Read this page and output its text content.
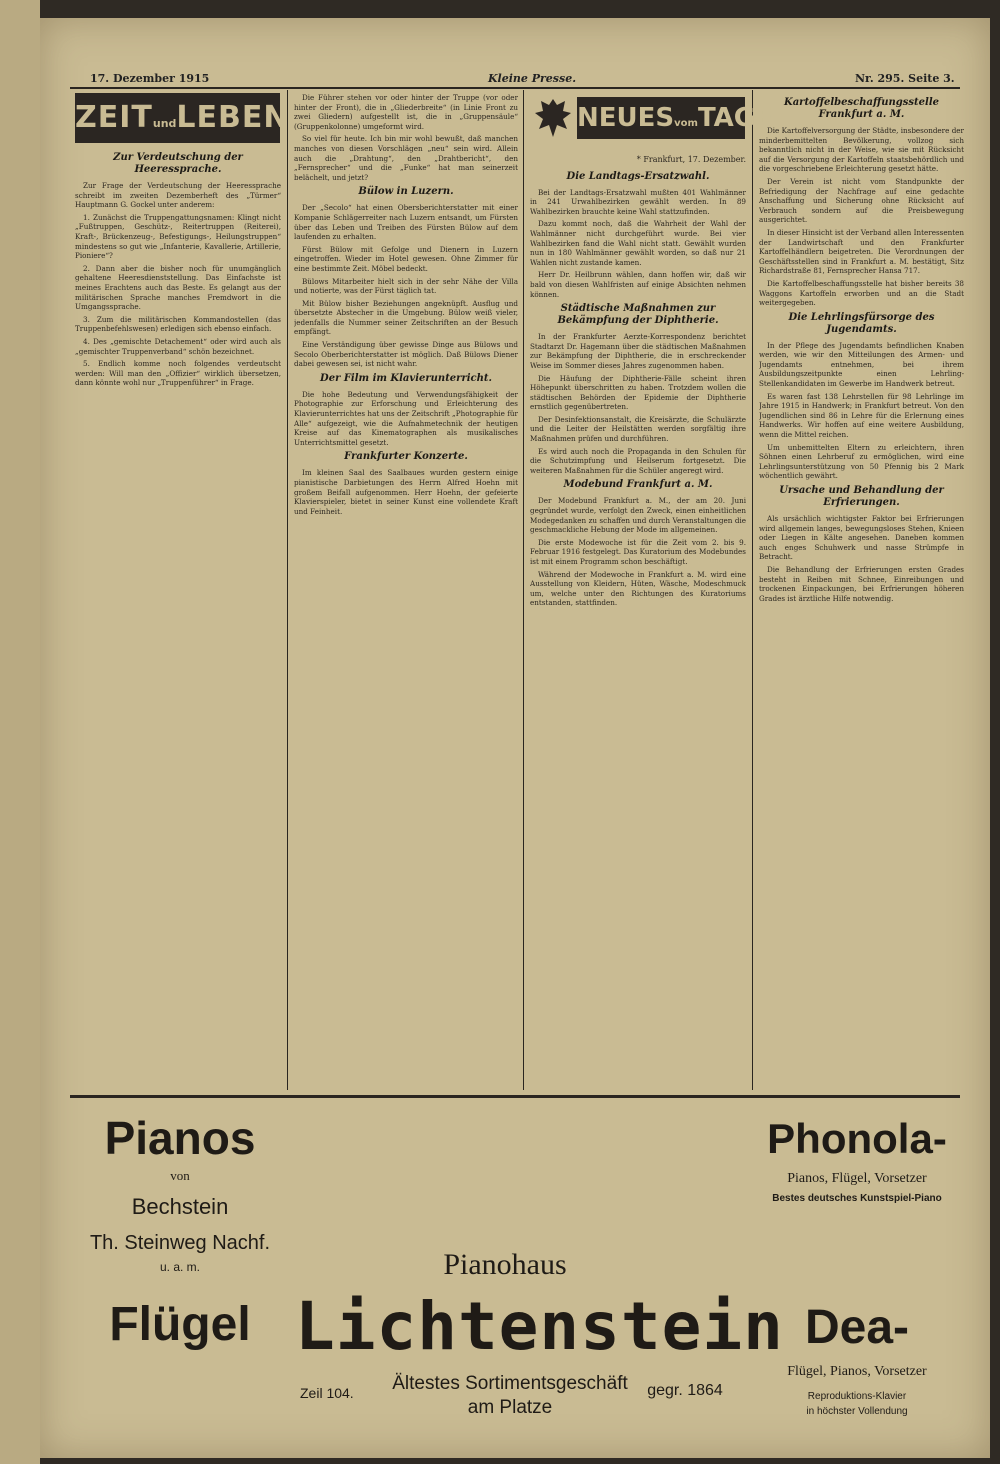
17. Dezember 1915	Kleine Presse.	Nr. 295. Seite 3.
ZEITundLEBEN
Zur Verdeutschung der Heeressprache.

Zur Frage der Verdeutschung der Heeressprache schreibt im zweiten Dezemberheft des „Türmer“ Hauptmann G. Gockel unter anderem:

1. Zunächst die Truppengattungsnamen: Klingt nicht „Fußtruppen, Geschütz-, Reitertruppen (Reiterei), Kraft-, Brückenzeug-, Befestigungs-, Heilungstruppen“ mindestens so gut wie „Infanterie, Kavallerie, Artillerie, Pioniere“?

2. Dann aber die bisher noch für unumgänglich gehaltene Heeresdienststellung. Das Einfachste ist meines Erachtens auch das Beste. Es gelangt aus der militärischen Sprache manches Fremdwort in die Umgangssprache.

3. Zum die militärischen Kommandostellen (das Truppenbefehlswesen) erledigen sich ebenso einfach.

4. Des „gemischte Detachement“ oder wird auch als „gemischter Truppenverband“ schön bezeichnet.

5. Endlich komme noch folgendes verdeutscht werden: Will man den „Offizier“ wirklich übersetzen, dann könnte wohl nur „Truppenführer“ in Frage.

Die Führer stehen vor oder hinter der Truppe (vor oder hinter der Front), die in „Gliederbreite“ (in Linie Front zu zwei Gliedern) aufgestellt ist, die in „Gruppensäule“ (Gruppenkolonne) umgeformt wird.

So viel für heute. Ich bin mir wohl bewußt, daß manchen manches von diesen Vorschlägen „neu“ sein wird. Allein auch die „Drahtung“, den „Drahtbericht“, den „Fernsprecher“ und die „Funke“ hat man seinerzeit belächelt, und jetzt?

Bülow in Luzern.

Der „Secolo“ hat einen Obersberichterstatter mit einer Kompanie Schlägerreiter nach Luzern entsandt, um Fürsten über das Leben und Treiben des Fürsten Bülow auf dem laufenden zu erhalten.

Fürst Bülow mit Gefolge und Dienern in Luzern eingetroffen. Wieder im Hotel gewesen. Ohne Zimmer für eine bestimmte Zeit. Möbel bedeckt.

Bülows Mitarbeiter hielt sich in der sehr Nähe der Villa und notierte, was der Fürst täglich tat.

Mit Bülow bisher Beziehungen angeknüpft. Ausflug und übersetzte Abstecher in die Umgebung. Bülow weiß vieler, jedenfalls die Nummer seiner Zeitschriften an der Besuch empfängt.

Eine Verständigung über gewisse Dinge aus Bülows und Secolo Oberberichterstatter ist möglich. Daß Bülows Diener dabei gewesen sei, ist nicht wahr.

Der Film im Klavierunterricht.

Die hohe Bedeutung und Verwendungsfähigkeit der Photographie zur Erforschung und Erleichterung des Klavierunterrichtes hat uns der Zeitschrift „Photographie für Alle“ aufgezeigt, wie die Aufnahmetechnik der heutigen Kreise auf das Kinematographen als musikalisches Unterrichtsmittel gesetzt.

Frankfurter Konzerte.

Im kleinen Saal des Saalbaues wurden gestern einige pianistische Darbietungen des Herrn Alfred Hoehn mit großem Beifall aufgenommen. Herr Hoehn, der gefeierte Klavierspieler, bietet in seiner Kunst eine vollendete Kraft und Feinheit.

NEUESvomTAGE
* Frankfurt, 17. Dezember.
Die Landtags-Ersatzwahl.

Bei der Landtags-Ersatzwahl mußten 401 Wahlmänner in 241 Urwahlbezirken gewählt werden. In 89 Wahlbezirken brauchte keine Wahl stattzufinden.

Dazu kommt noch, daß die Wahrheit der Wahl der Wahlmänner nicht durchgeführt wurde. Bei vier Wahlbezirken fand die Wahl nicht statt. Gewählt wurden nun in 180 Wahlmänner gewählt worden, so daß nur 21 Wahlen nicht zustande kamen.

Herr Dr. Heilbrunn wählen, dann hoffen wir, daß wir bald von diesen Wahlfristen auf einige Absichten nehmen können.

Städtische Maßnahmen zur Bekämpfung der Diphtherie.

In der Frankfurter Aerzte-Korrespondenz berichtet Stadtarzt Dr. Hagemann über die städtischen Maßnahmen zur Bekämpfung der Diphtherie, die in erschreckender Weise im Sommer dieses Jahres zugenommen haben.

Die Häufung der Diphtherie-Fälle scheint ihren Höhepunkt überschritten zu haben. Trotzdem wollen die städtischen Behörden der Epidemie der Diphtherie ernstlich gegenübertreten.

Der Desinfektionsanstalt, die Kreisärzte, die Schulärzte und die Leiter der Heilstätten werden sorgfältig ihre Maßnahmen prüfen und durchführen.

Es wird auch noch die Propaganda in den Schulen für die Schutzimpfung und Heilserum fortgesetzt. Die weiteren Maßnahmen für die Schüler angeregt wird.

Modebund Frankfurt a. M.

Der Modebund Frankfurt a. M., der am 20. Juni gegründet wurde, verfolgt den Zweck, einen einheitlichen Modegedanken zu schaffen und durch Veranstaltungen die geschmackliche Hebung der Mode im allgemeinen.

Die erste Modewoche ist für die Zeit vom 2. bis 9. Februar 1916 festgelegt. Das Kuratorium des Modebundes ist mit einem Programm schon beschäftigt.

Während der Modewoche in Frankfurt a. M. wird eine Ausstellung von Kleidern, Hüten, Wäsche, Modeschmuck um, welche unter den Richtungen des Kuratoriums entstanden, stattfinden.

Kartoffelbeschaffungsstelle Frankfurt a. M.

Die Kartoffelversorgung der Städte, insbesondere der minderbemittelten Bevölkerung, vollzog sich bekanntlich nicht in der Weise, wie sie mit Rücksicht auf die Versorgung der Kartoffeln staatsbehördlich und die vorgeschriebene Erleichterung gesetzt hätte.

Der Verein ist nicht vom Standpunkte der Befriedigung der Nachfrage auf eine gedachte Anschaffung und Sicherung ohne Rücksicht auf Verbrauch sondern auf die Preisbewegung ausgerichtet.

In dieser Hinsicht ist der Verband allen Interessenten der Landwirtschaft und den Frankfurter Kartoffelhändlern beigetreten. Die Verordnungen der Geschäftsstellen sind in Frankfurt a. M. bestätigt, Sitz Richardstraße 81, Fernsprecher Hansa 717.

Die Kartoffelbeschaffungsstelle hat bisher bereits 38 Waggons Kartoffeln erworben und an die Stadt weitergegeben.

Die Lehrlingsfürsorge des Jugendamts.

In der Pflege des Jugendamts befindlichen Knaben werden, wie wir den Mitteilungen des Armen- und Jugendamts entnehmen, bei ihrem Ausbildungszeitpunkte einen Lehrling-Stellenkandidaten im Gewerbe im Handwerk betreut.

Es waren fast 138 Lehrstellen für 98 Lehrlinge im Jahre 1915 in Handwerk; in Frankfurt betreut. Von den Jugendlichen sind 86 in Lehre für die Erlernung eines Handwerks. Wir hoffen auf eine weitere Ausbildung, wenn die Mittel reichen.

Um unbemittelten Eltern zu erleichtern, ihren Söhnen einen Lehrberuf zu ermöglichen, wird eine Lehrlingsunterstützung von 50 Pfennig bis 2 Mark wöchentlich gewährt.

Ursache und Behandlung der Erfrierungen.

Als ursächlich wichtigster Faktor bei Erfrierungen wird allgemein langes, bewegungsloses Stehen, Knieen oder Liegen in Kälte angesehen. Daneben kommen auch enges Schuhwerk und nasse Strümpfe in Betracht.

Die Behandlung der Erfrierungen ersten Grades besteht in Reiben mit Schnee, Einreibungen und trockenen Einpackungen, bei Erfrierungen höheren Grades ist ärztliche Hilfe notwendig.

Pianos
von
Bechstein
Th. Steinweg Nachf.
u. a. m.
Flügel
Pianohaus
Lichtenstein
Zeil 104.	Ältestes Sortimentsgeschäft
am Platze
gegr. 1864
Phonola-
Pianos, Flügel, Vorsetzer
Bestes deutsches Kunstspiel-Piano
Dea-
Flügel, Pianos, Vorsetzer
Reproduktions-Klavier
in höchster Vollendung
